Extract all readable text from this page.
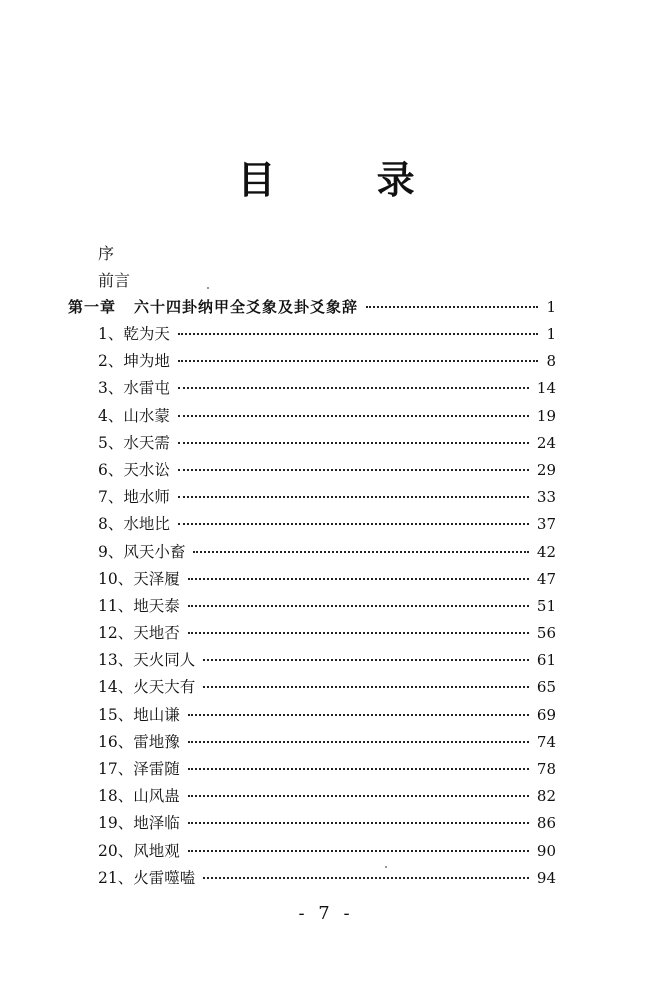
目 录
序
前言
第一章 六十四卦纳甲全爻象及卦爻象辞	1
1、乾为天	1
2、坤为地	8
3、水雷屯	14
4、山水蒙	19
5、水天需	24
6、天水讼	29
7、地水师	33
8、水地比	37
9、风天小畜	42
10、天泽履	47
11、地天泰	51
12、天地否	56
13、天火同人	61
14、火天大有	65
15、地山谦	69
16、雷地豫	74
17、泽雷随	78
18、山风蛊	82
19、地泽临	86
20、风地观	90
21、火雷噬嗑	94
- 7 -
